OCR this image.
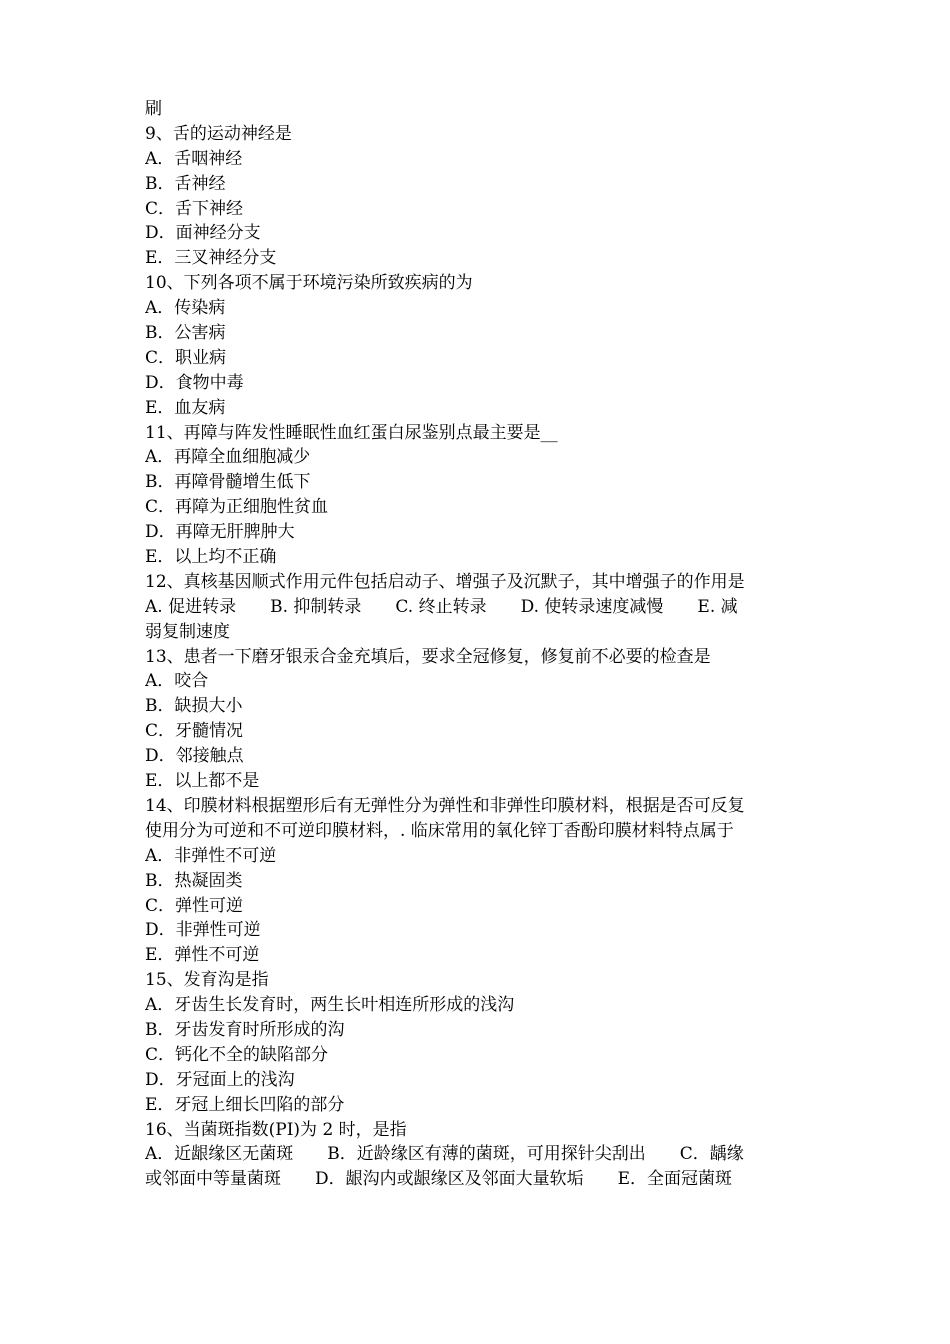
刷
9、舌的运动神经是
A．舌咽神经
B．舌神经
C．舌下神经
D．面神经分支
E．三叉神经分支
10、下列各项不属于环境污染所致疾病的为
A．传染病
B．公害病
C．职业病
D．食物中毒
E．血友病
11、再障与阵发性睡眠性血红蛋白尿鉴别点最主要是__
A．再障全血细胞减少
B．再障骨髓增生低下
C．再障为正细胞性贫血
D．再障无肝脾肿大
E．以上均不正确
12、真核基因顺式作用元件包括启动子、增强子及沉默子，其中增强子的作用是
A. 促进转录　　B. 抑制转录　　C. 终止转录　　D. 使转录速度减慢　　E. 减
弱复制速度
13、患者一下磨牙银汞合金充填后，要求全冠修复，修复前不必要的检查是
A．咬合
B．缺损大小
C．牙髓情况
D．邻接触点
E．以上都不是
14、印膜材料根据塑形后有无弹性分为弹性和非弹性印膜材料，根据是否可反复
使用分为可逆和不可逆印膜材料，. 临床常用的氧化锌丁香酚印膜材料特点属于
A．非弹性不可逆
B．热凝固类
C．弹性可逆
D．非弹性可逆
E．弹性不可逆
15、发育沟是指
A．牙齿生长发育时，两生长叶相连所形成的浅沟
B．牙齿发育时所形成的沟
C．钙化不全的缺陷部分
D．牙冠面上的浅沟
E．牙冠上细长凹陷的部分
16、当菌斑指数(PI)为 2 时，是指
A．近龈缘区无菌斑　　B．近龄缘区有薄的菌斑，可用探针尖刮出　　C．龋缘
或邻面中等量菌斑　　D．龈沟内或龈缘区及邻面大量软垢　　E．全面冠菌斑
